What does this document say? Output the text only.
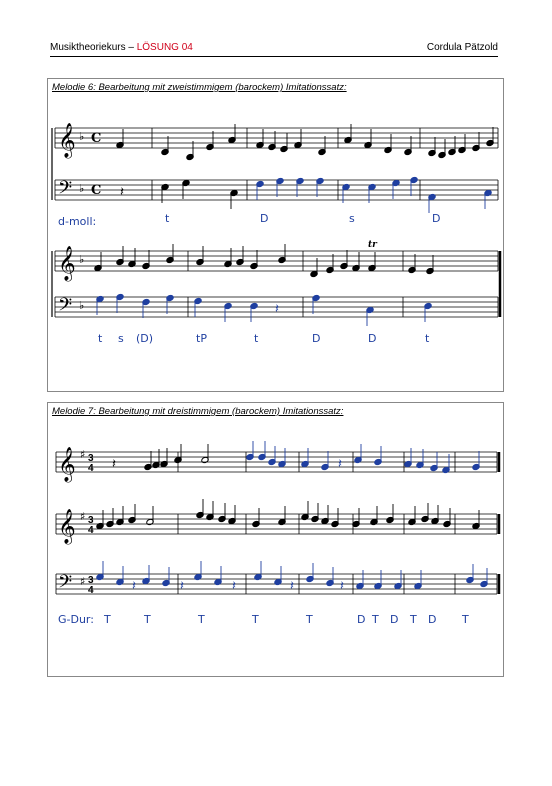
Musiktheoriekurs – LÖSUNG 04	Cordula Pätzold
Melodie 6: Bearbeitung mit zweistimmigem (barockem) Imitationssatz:
Melodie 7: Bearbeitung mit dreistimmigem (barockem) Imitationssatz:
𝄞
𝄢
♭
♭
C
C
𝄞
𝄢
♭
♭
𝄞 ♯ 3
4
𝄞 ♯ 3
4
𝄢 ♯ 3
4
𝄽
tr
𝄽
𝄽	𝄽
𝄽	𝄽	𝄽	𝄽	𝄽
d-moll:	t	D	s	D
t s (D)	tP	t	D	D	t
G-Dur: T	T	T	T	T	D T D T D T
